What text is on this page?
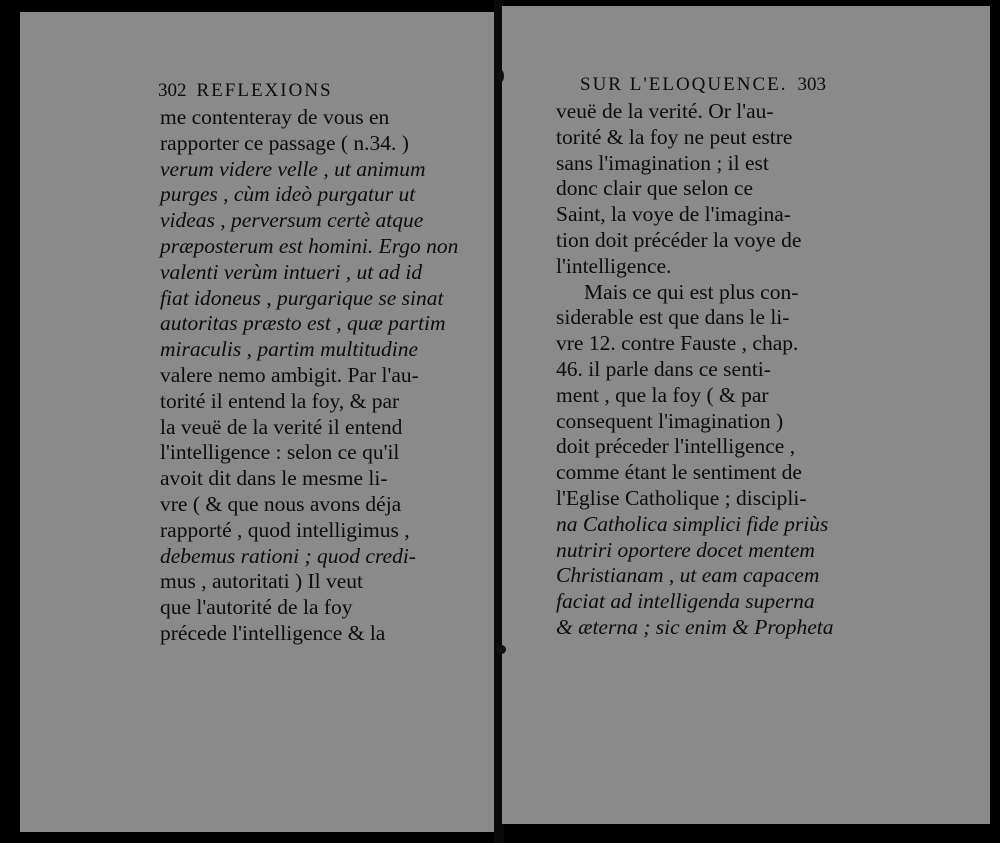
302 REFLEXIONS
me contenteray de vous en
rapporter ce passage ( n.34. )
verum videre velle , ut animum
purges , cùm ideò purgatur ut
videas , perversum certè atque
præposterum est homini. Ergo non
valenti verùm intueri , ut ad id
fiat idoneus , purgarique se sinat
autoritas præsto est , quæ partim
miraculis , partim multitudine
valere nemo ambigit. Par l'au-
torité il entend la foy, & par
la veuë de la verité il entend
l'intelligence : selon ce qu'il
avoit dit dans le mesme li-
vre ( & que nous avons déja
rapporté , quod intelligimus ,
debemus rationi ; quod credi-
mus , autoritati ) Il veut
que l'autorité de la foy
précede l'intelligence & la
SUR L'ELOQUENCE. 303
veuë de la verité. Or l'au-
torité & la foy ne peut estre
sans l'imagination ; il est
donc clair que selon ce
Saint, la voye de l'imagina-
tion doit précéder la voye de
l'intelligence.
Mais ce qui est plus con-
siderable est que dans le li-
vre 12. contre Fauste , chap.
46. il parle dans ce senti-
ment , que la foy ( & par
consequent l'imagination )
doit préceder l'intelligence ,
comme étant le sentiment de
l'Eglise Catholique ; discipli-
na Catholica simplici fide priùs
nutriri oportere docet mentem
Christianam , ut eam capacem
faciat ad intelligenda superna
& æterna ; sic enim & Propheta
